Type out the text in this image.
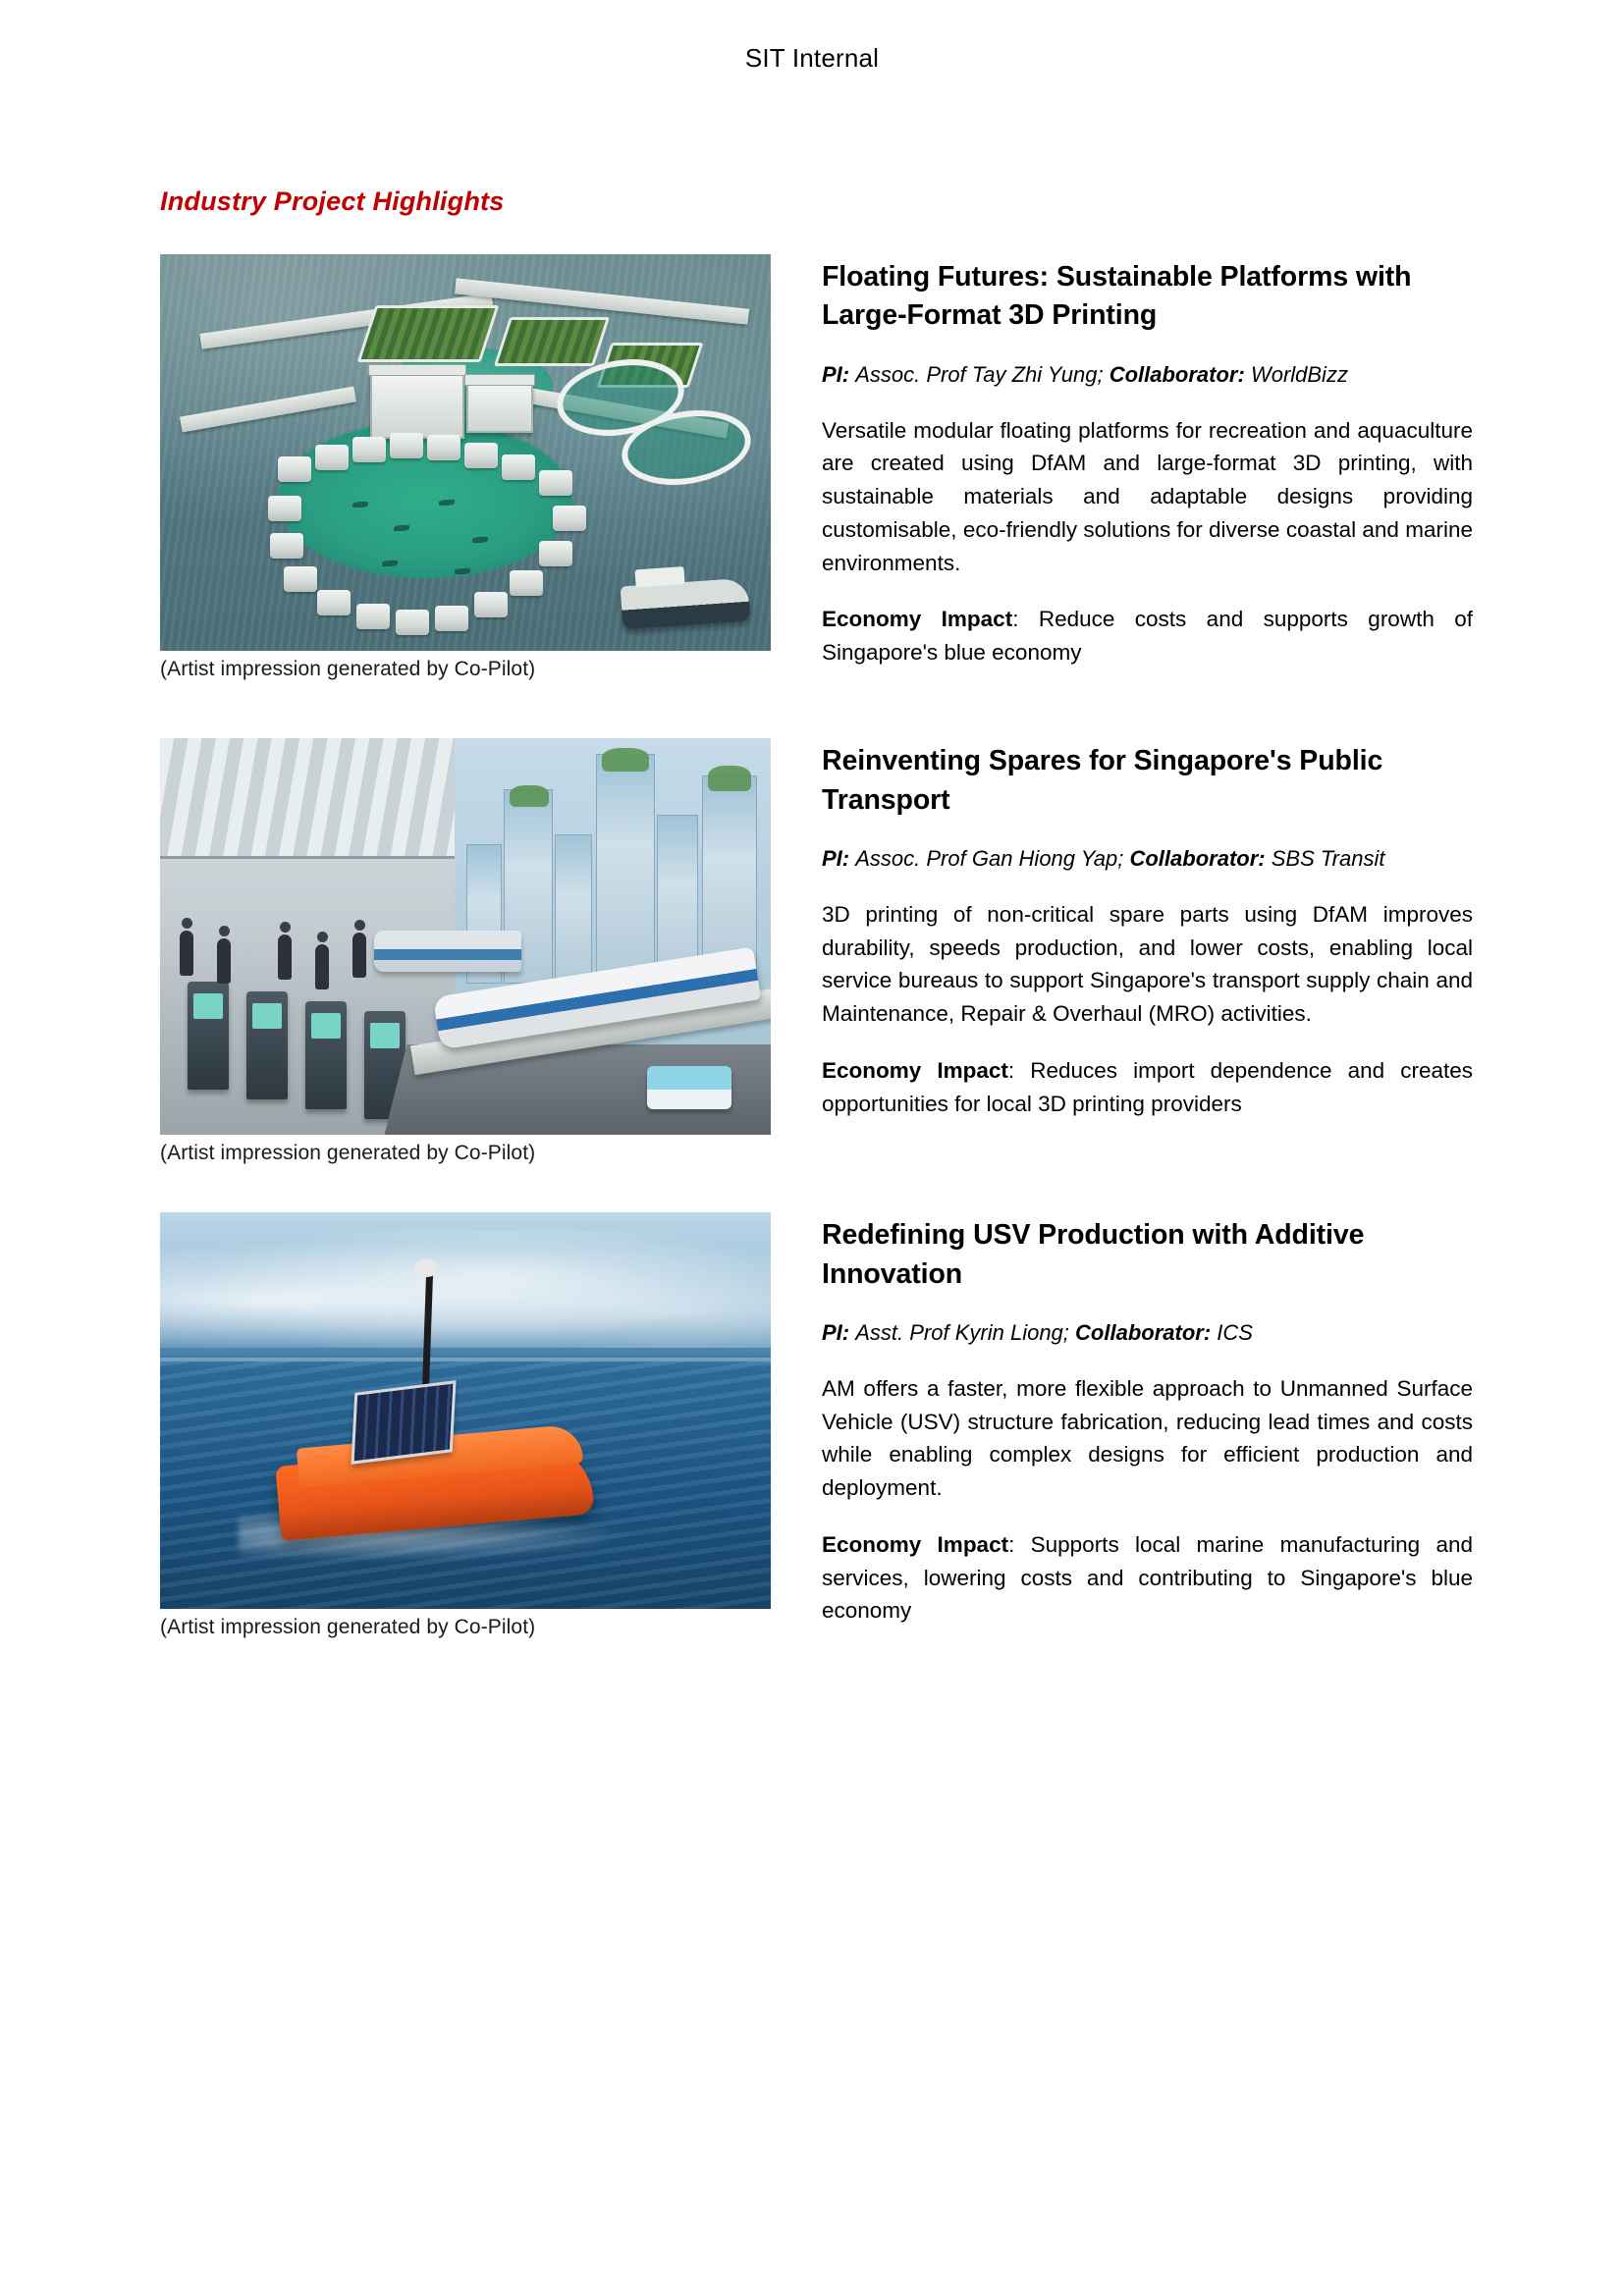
SIT Internal
Industry Project Highlights
(Artist impression generated by Co-Pilot)
Floating Futures: Sustainable Platforms with Large-Format 3D Printing
PI: Assoc. Prof Tay Zhi Yung; Collaborator: WorldBizz

Versatile modular floating platforms for recreation and aquaculture are created using DfAM and large-format 3D printing, with sustainable materials and adaptable designs providing customisable, eco-friendly solutions for diverse coastal and marine environments.

Economy Impact: Reduce costs and supports growth of Singapore's blue economy

(Artist impression generated by Co-Pilot)
Reinventing Spares for Singapore's Public Transport
PI: Assoc. Prof Gan Hiong Yap; Collaborator: SBS Transit

3D printing of non-critical spare parts using DfAM improves durability, speeds production, and lower costs, enabling local service bureaus to support Singapore's transport supply chain and Maintenance, Repair & Overhaul (MRO) activities.

Economy Impact: Reduces import dependence and creates opportunities for local 3D printing providers

(Artist impression generated by Co-Pilot)
Redefining USV Production with Additive Innovation
PI: Asst. Prof Kyrin Liong; Collaborator: ICS

AM offers a faster, more flexible approach to Unmanned Surface Vehicle (USV) structure fabrication, reducing lead times and costs while enabling complex designs for efficient production and deployment.

Economy Impact: Supports local marine manufacturing and services, lowering costs and contributing to Singapore's blue economy
